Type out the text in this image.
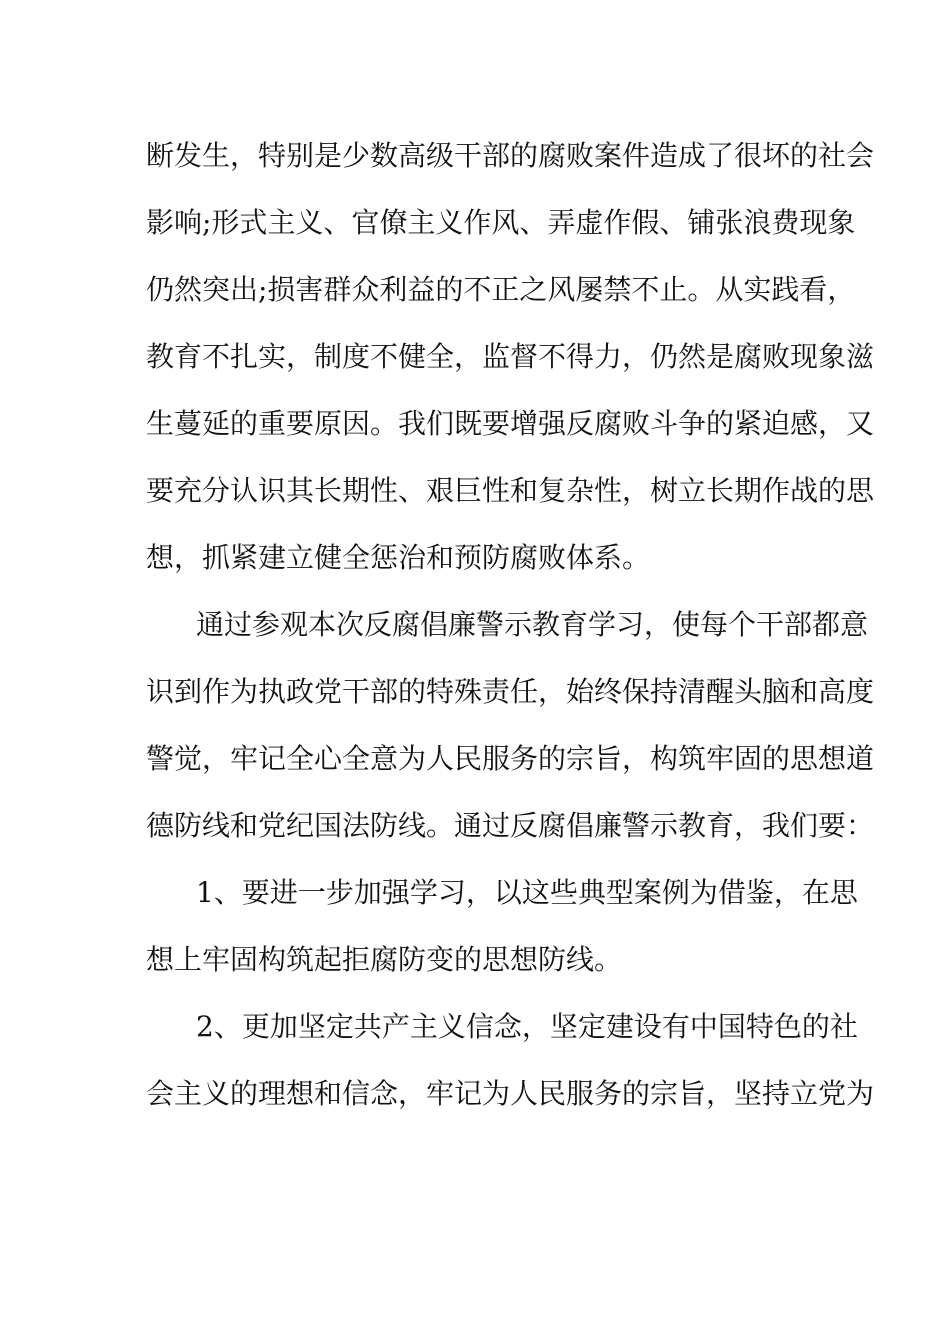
断发生，特别是少数高级干部的腐败案件造成了很坏的社会
影响;形式主义、官僚主义作风、弄虚作假、铺张浪费现象
仍然突出;损害群众利益的不正之风屡禁不止。从实践看，
教育不扎实，制度不健全，监督不得力，仍然是腐败现象滋
生蔓延的重要原因。我们既要增强反腐败斗争的紧迫感，又
要充分认识其长期性、艰巨性和复杂性，树立长期作战的思
想，抓紧建立健全惩治和预防腐败体系。
通过参观本次反腐倡廉警示教育学习，使每个干部都意
识到作为执政党干部的特殊责任，始终保持清醒头脑和高度
警觉，牢记全心全意为人民服务的宗旨，构筑牢固的思想道
德防线和党纪国法防线。通过反腐倡廉警示教育，我们要：
1、要进一步加强学习，以这些典型案例为借鉴，在思
想上牢固构筑起拒腐防变的思想防线。
2、更加坚定共产主义信念，坚定建设有中国特色的社
会主义的理想和信念，牢记为人民服务的宗旨，坚持立党为
